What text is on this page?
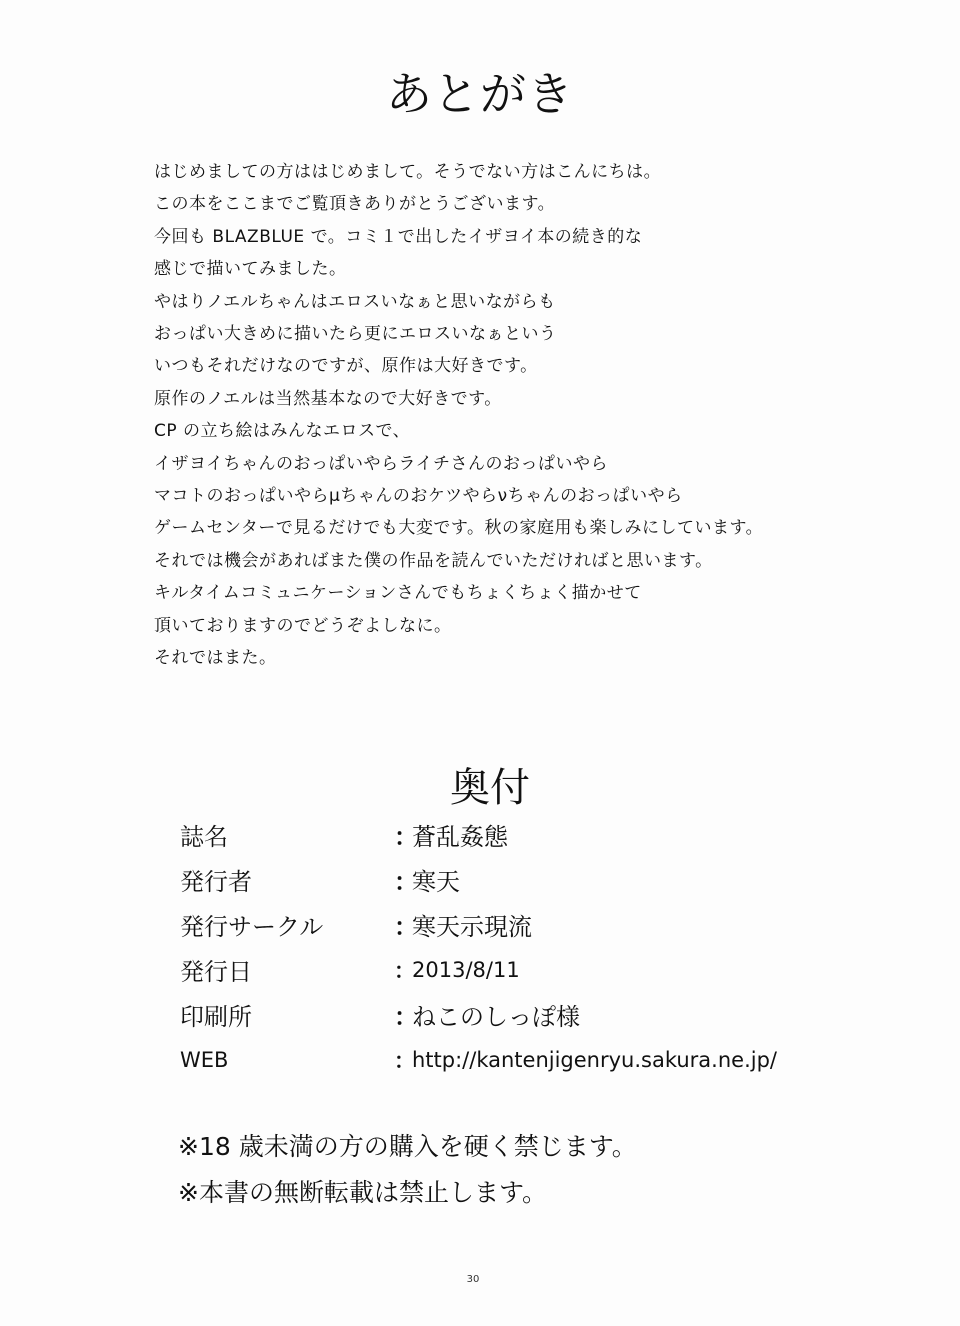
あとがき
はじめましての方ははじめまして。そうでない方はこんにちは。
この本をここまでご覧頂きありがとうございます。
今回も BLAZBLUE で。コミ１で出したイザヨイ本の続き的な
感じで描いてみました。
やはりノエルちゃんはエロスいなぁと思いながらも
おっぱい大きめに描いたら更にエロスいなぁという
いつもそれだけなのですが、原作は大好きです。
原作のノエルは当然基本なので大好きです。
CP の立ち絵はみんなエロスで、
イザヨイちゃんのおっぱいやらライチさんのおっぱいやら
マコトのおっぱいやらμちゃんのおケツやらνちゃんのおっぱいやら
ゲームセンターで見るだけでも大変です。秋の家庭用も楽しみにしています。
それでは機会があればまた僕の作品を読んでいただければと思います。
キルタイムコミュニケーションさんでもちょくちょく描かせて
頂いておりますのでどうぞよしなに。
それではまた。
奥付
誌名	：
蒼乱姦態
発行者	：
寒天
発行サークル	：
寒天示現流
発行日	：
2013/8/11
印刷所	：
ねこのしっぽ様
WEB	：
http://kantenjigenryu.sakura.ne.jp/
※18 歳未満の方の購入を硬く禁じます。
※本書の無断転載は禁止します。
30
